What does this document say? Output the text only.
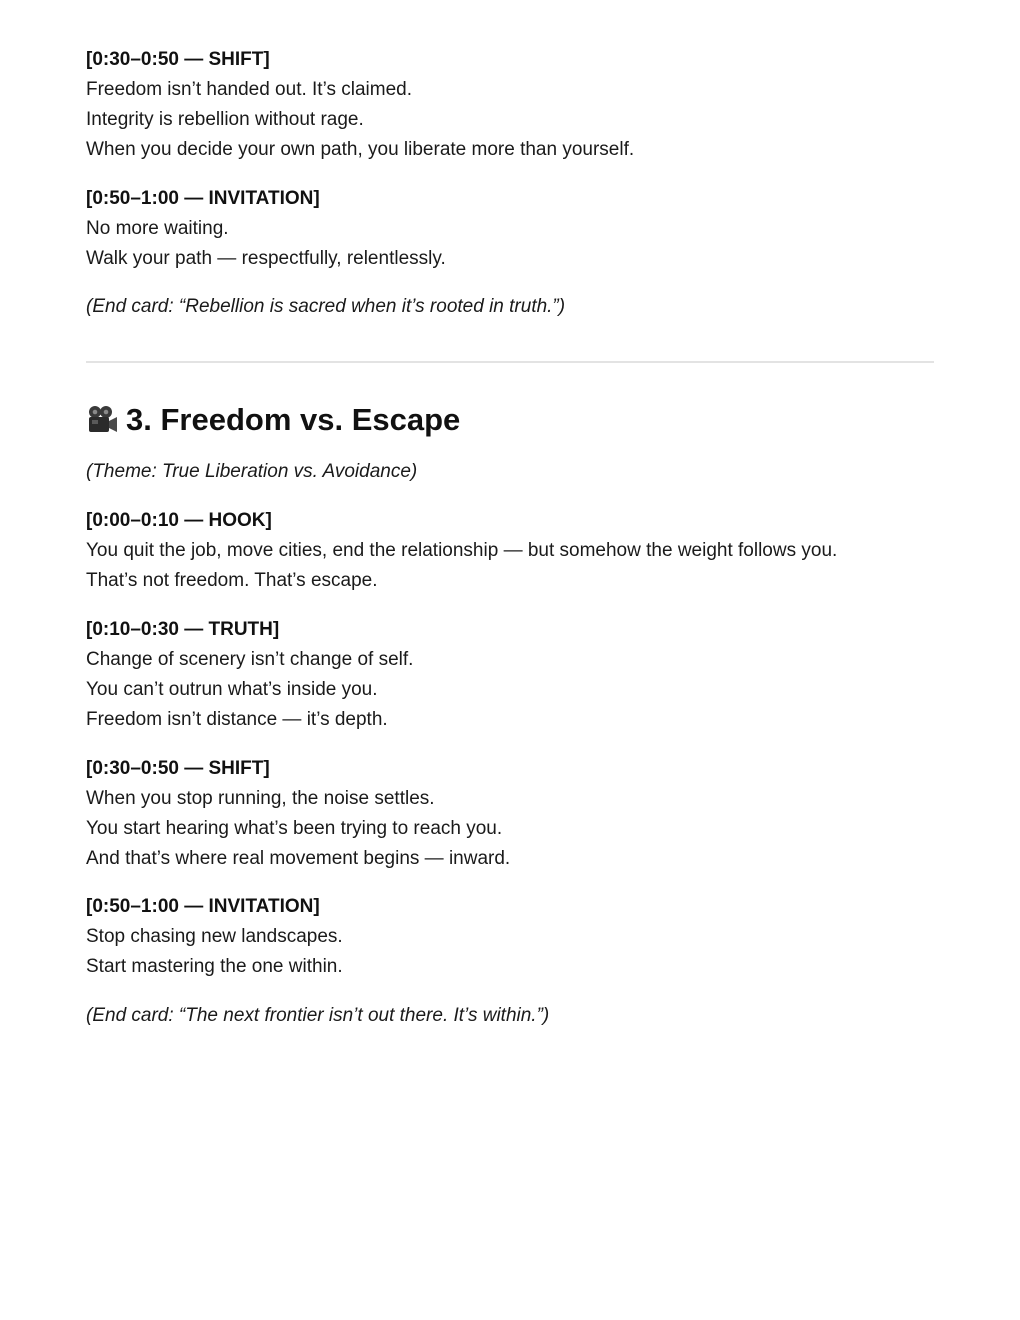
[0:30–0:50 — SHIFT]

Freedom isn’t handed out. It’s claimed.

Integrity is rebellion without rage.

When you decide your own path, you liberate more than yourself.

[0:50–1:00 — INVITATION]

No more waiting.

Walk your path — respectfully, relentlessly.

(End card: “Rebellion is sacred when it’s rooted in truth.”)

3. Freedom vs. Escape

(Theme: True Liberation vs. Avoidance)

[0:00–0:10 — HOOK]

You quit the job, move cities, end the relationship — but somehow the weight follows you.

That’s not freedom. That’s escape.

[0:10–0:30 — TRUTH]

Change of scenery isn’t change of self.

You can’t outrun what’s inside you.

Freedom isn’t distance — it’s depth.

[0:30–0:50 — SHIFT]

When you stop running, the noise settles.

You start hearing what’s been trying to reach you.

And that’s where real movement begins — inward.

[0:50–1:00 — INVITATION]

Stop chasing new landscapes.

Start mastering the one within.

(End card: “The next frontier isn’t out there. It’s within.”)
